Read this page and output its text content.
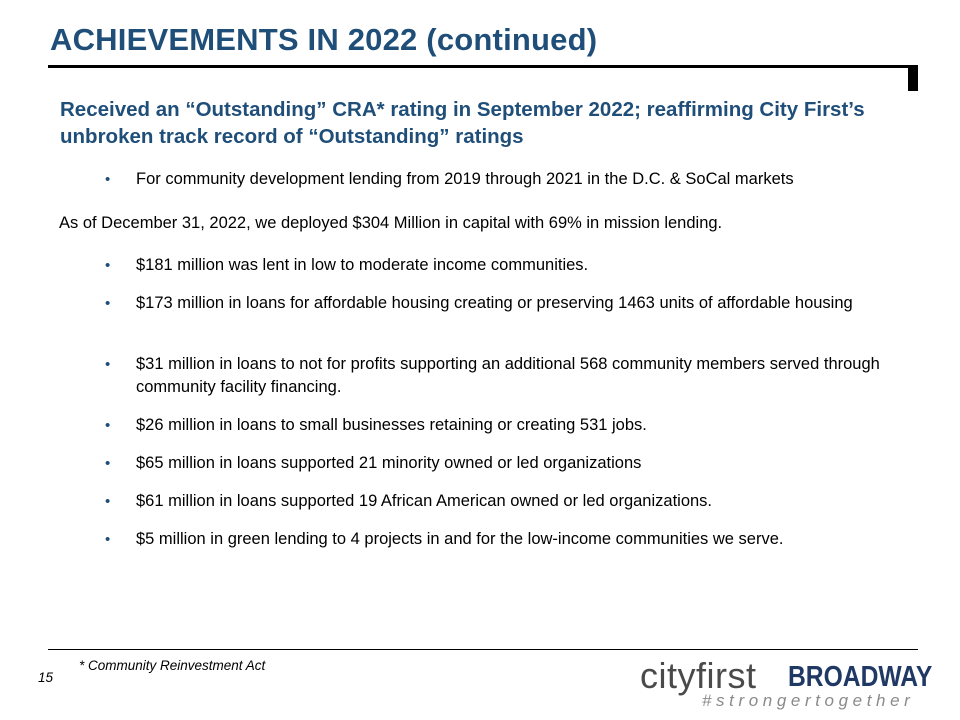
ACHIEVEMENTS IN 2022 (continued)
Received an “Outstanding” CRA* rating in September 2022; reaffirming City First’s unbroken track record of “Outstanding” ratings
• For community development lending from 2019 through 2021 in the D.C. & SoCal markets
As of December 31, 2022, we deployed $304 Million in capital with 69% in mission lending.
• $181 million was lent in low to moderate income communities.
• $173 million in loans for affordable housing creating or preserving 1463 units of affordable housing
• $31 million in loans to not for profits supporting an additional 568 community members served through community facility financing.
• $26 million in loans to small businesses retaining or creating 531 jobs.
• $65 million in loans supported 21 minority owned or led organizations
• $61 million in loans supported 19 African American owned or led organizations.
• $5 million in green lending to 4 projects in and for the low-income communities we serve.
* Community Reinvestment Act
15	cityfirst BROADWAY
#strongertogether
